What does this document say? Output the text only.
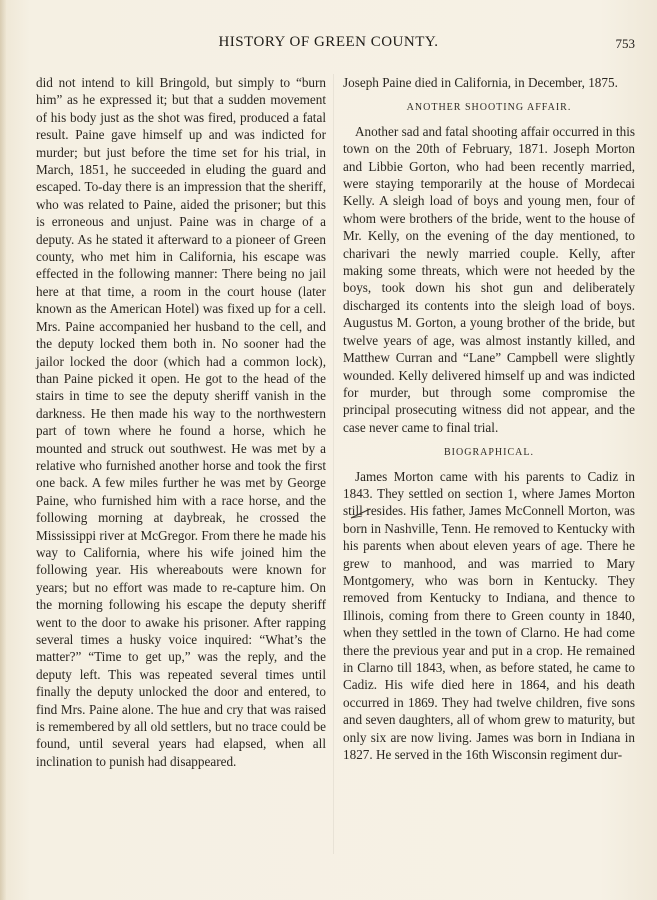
HISTORY OF GREEN COUNTY.	753

did not intend to kill Bringold, but simply to “burn him” as he expressed it; but that a sudden movement of his body just as the shot was fired, produced a fatal result. Paine gave himself up and was indicted for murder; but just before the time set for his trial, in March, 1851, he succeeded in eluding the guard and escaped. To-day there is an impression that the sheriff, who was related to Paine, aided the prisoner; but this is erroneous and unjust. Paine was in charge of a deputy. As he stated it afterward to a pioneer of Green county, who met him in California, his escape was effected in the following manner: There being no jail here at that time, a room in the court house (later known as the American Hotel) was fixed up for a cell. Mrs. Paine accompanied her husband to the cell, and the deputy locked them both in. No sooner had the jailor locked the door (which had a common lock), than Paine picked it open. He got to the head of the stairs in time to see the deputy sheriff vanish in the darkness. He then made his way to the northwestern part of town where he found a horse, which he mounted and struck out southwest. He was met by a relative who furnished another horse and took the first one back. A few miles further he was met by George Paine, who furnished him with a race horse, and the following morning at daybreak, he crossed the Mississippi river at McGregor. From there he made his way to California, where his wife joined him the following year. His whereabouts were known for years; but no effort was made to re-capture him. On the morning following his escape the deputy sheriff went to the door to awake his prisoner. After rapping several times a husky voice inquired: “What’s the matter?” “Time to get up,” was the reply, and the deputy left. This was repeated several times until finally the deputy unlocked the door and entered, to find Mrs. Paine alone. The hue and cry that was raised is remembered by all old settlers, but no trace could be found, until several years had elapsed, when all inclination to punish had disappeared.

Joseph Paine died in California, in December, 1875.

ANOTHER SHOOTING AFFAIR.

Another sad and fatal shooting affair occurred in this town on the 20th of February, 1871. Joseph Morton and Libbie Gorton, who had been recently married, were staying temporarily at the house of Mordecai Kelly. A sleigh load of boys and young men, four of whom were brothers of the bride, went to the house of Mr. Kelly, on the evening of the day mentioned, to charivari the newly married couple. Kelly, after making some threats, which were not heeded by the boys, took down his shot gun and deliberately discharged its contents into the sleigh load of boys. Augustus M. Gorton, a young brother of the bride, but twelve years of age, was almost instantly killed, and Matthew Curran and “Lane” Campbell were slightly wounded. Kelly delivered himself up and was indicted for murder, but through some compromise the principal prosecuting witness did not appear, and the case never came to final trial.

BIOGRAPHICAL.

James Morton came with his parents to Cadiz in 1843. They settled on section 1, where James Morton still resides. His father, James McConnell Morton, was born in Nashville, Tenn. He removed to Kentucky with his parents when about eleven years of age. There he grew to manhood, and was married to Mary Montgomery, who was born in Kentucky. They removed from Kentucky to Indiana, and thence to Illinois, coming from there to Green county in 1840, when they settled in the town of Clarno. He had come there the previous year and put in a crop. He remained in Clarno till 1843, when, as before stated, he came to Cadiz. His wife died here in 1864, and his death occurred in 1869. They had twelve children, five sons and seven daughters, all of whom grew to maturity, but only six are now living. James was born in Indiana in 1827. He served in the 16th Wisconsin regiment dur-
